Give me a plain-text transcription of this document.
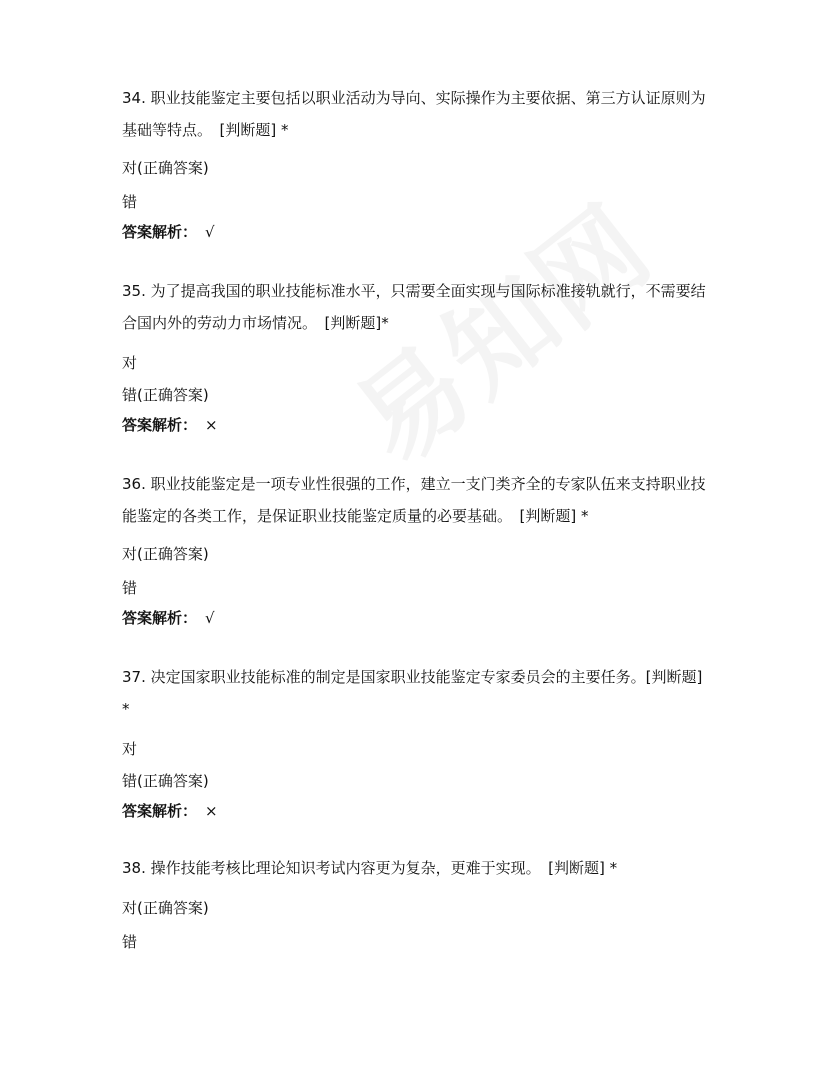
34. 职业技能鉴定主要包括以职业活动为导向、实际操作为主要依据、第三方认证原则为基础等特点。　[判断题] *

对(正确答案)

错

答案解析： √

35. 为了提高我国的职业技能标准水平，只需要全面实现与国际标准接轨就行，不需要结合国内外的劳动力市场情况。　[判断题]*

对

错(正确答案)

答案解析： ×

36. 职业技能鉴定是一项专业性很强的工作，建立一支门类齐全的专家队伍来支持职业技能鉴定的各类工作，是保证职业技能鉴定质量的必要基础。　[判断题] *

对(正确答案)

错

答案解析： √

37. 决定国家职业技能标准的制定是国家职业技能鉴定专家委员会的主要任务。[判断题] *

对

错(正确答案)

答案解析： ×

38. 操作技能考核比理论知识考试内容更为复杂，更难于实现。　[判断题] *

对(正确答案)

错
